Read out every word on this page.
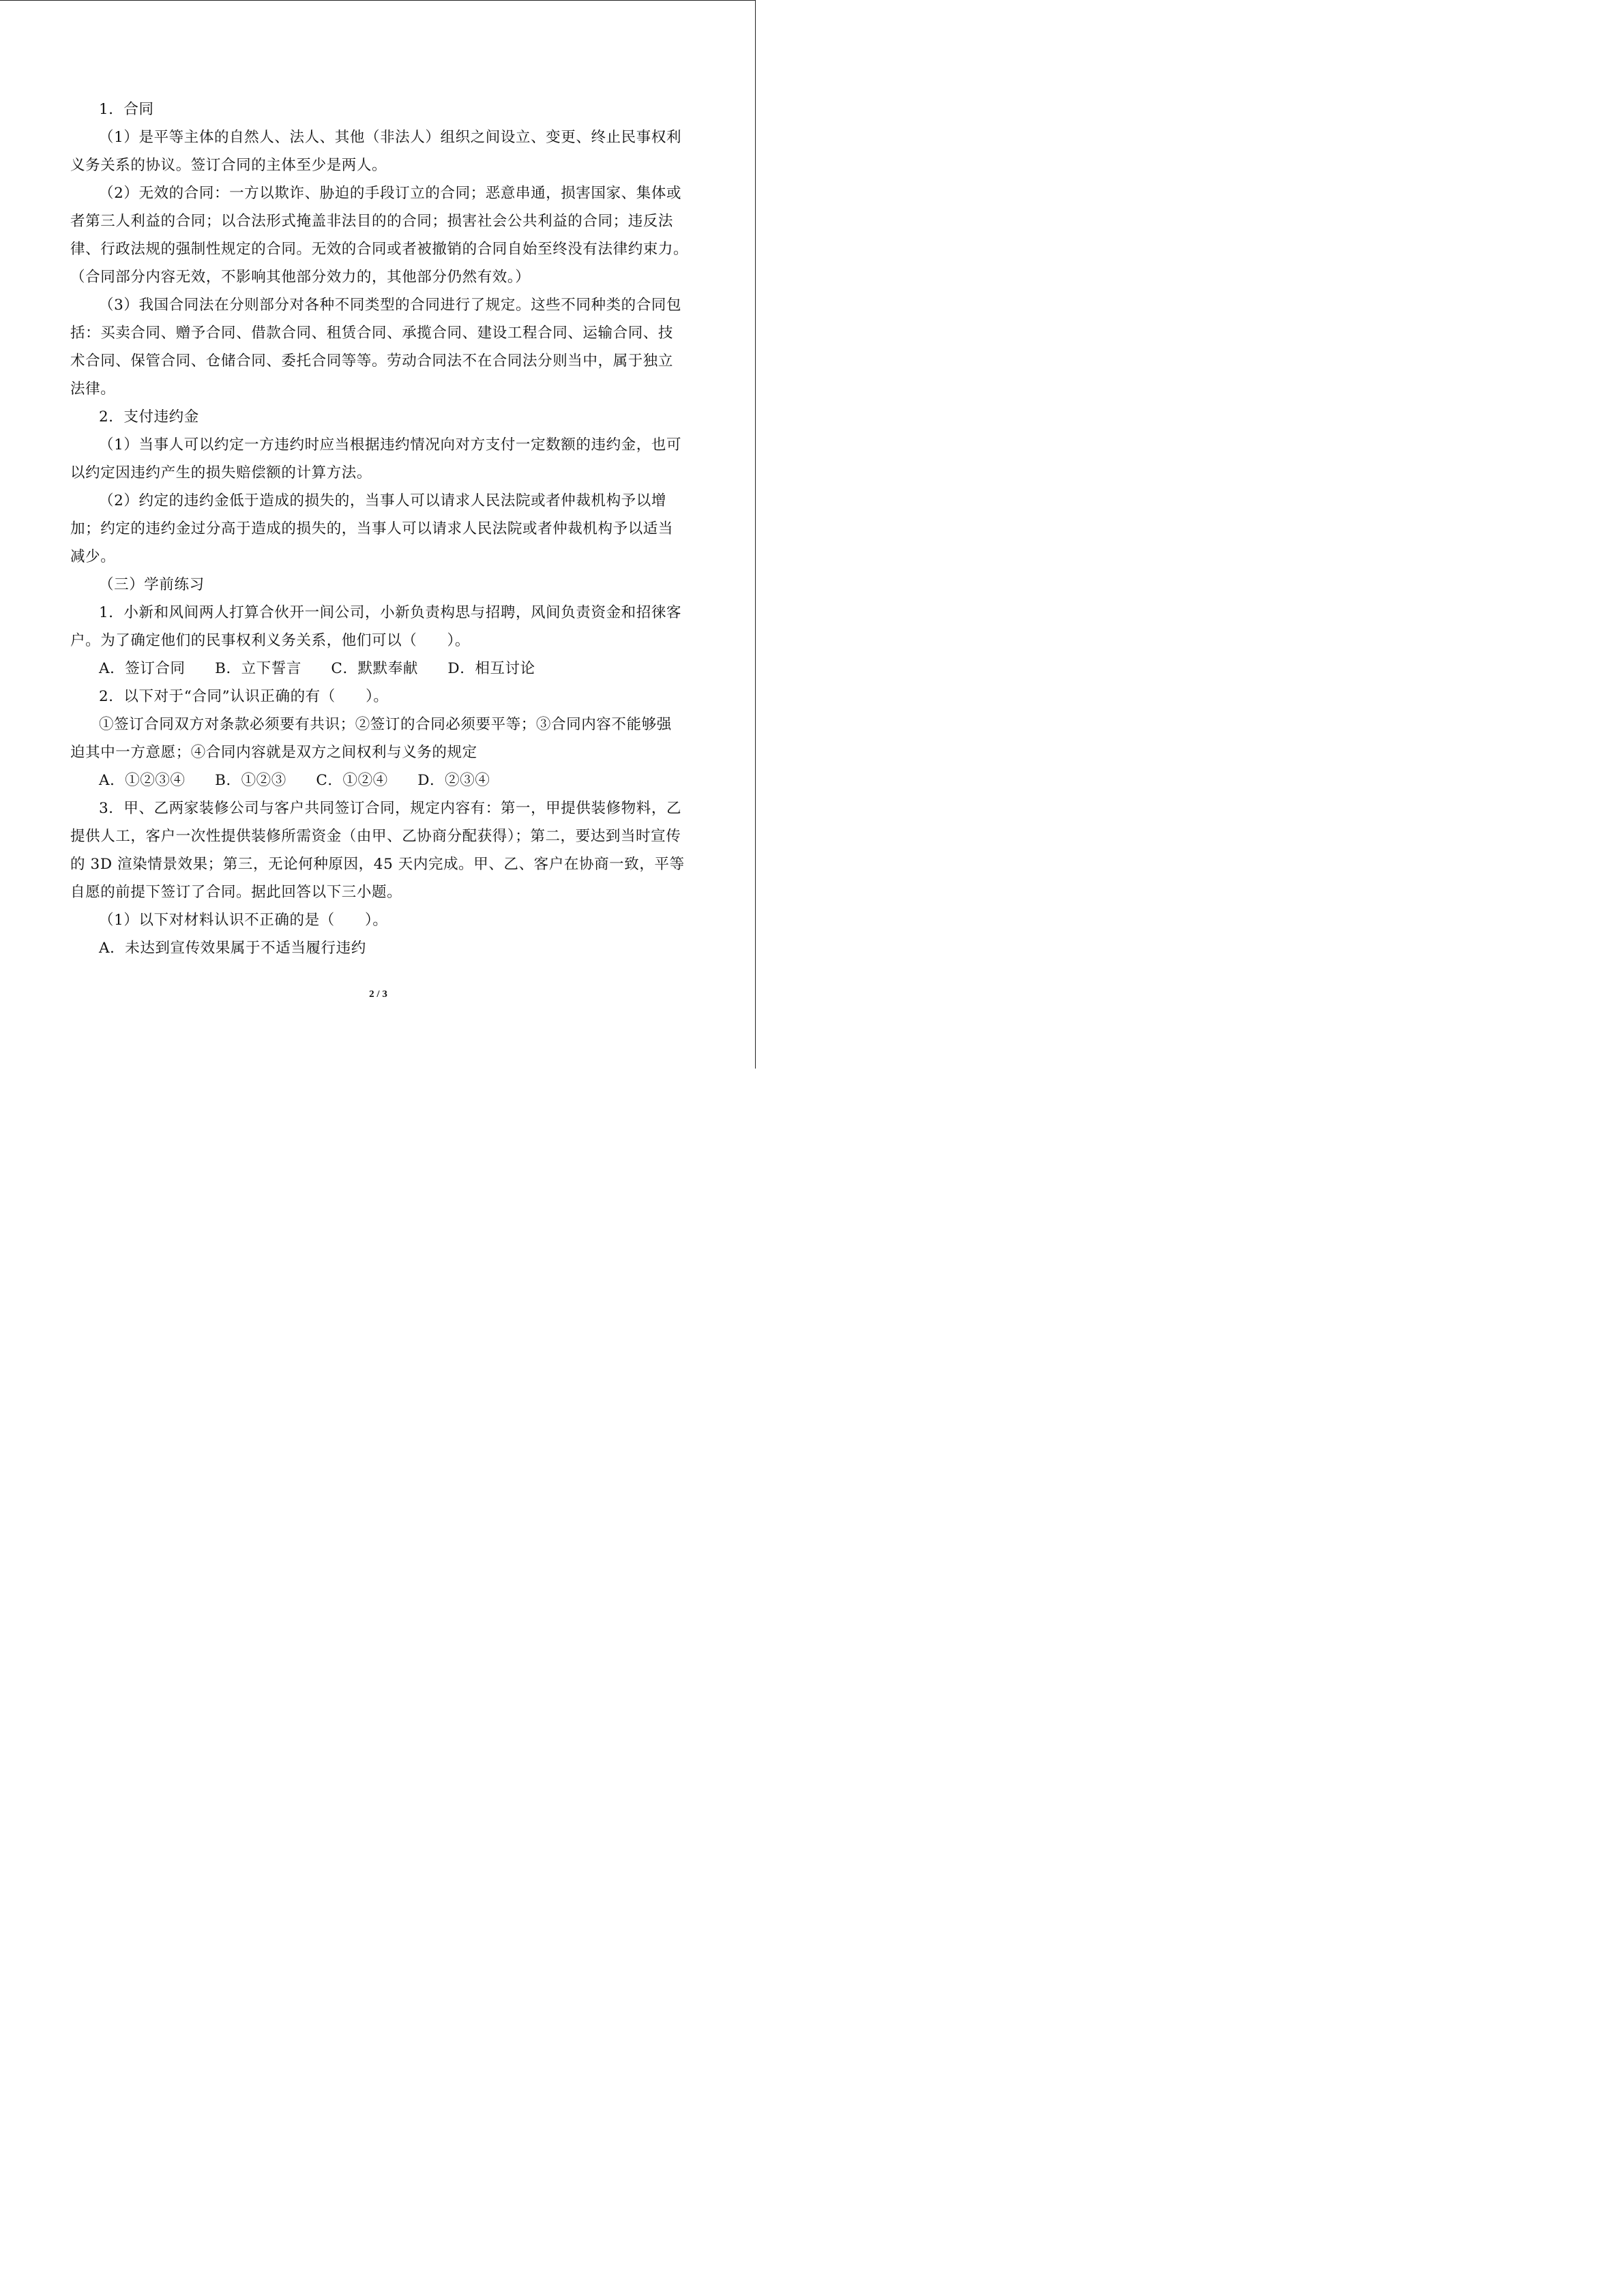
1．合同
（1）是平等主体的自然人、法人、其他（非法人）组织之间设立、变更、终止民事权利
义务关系的协议。签订合同的主体至少是两人。
（2）无效的合同：一方以欺诈、胁迫的手段订立的合同；恶意串通，损害国家、集体或
者第三人利益的合同；以合法形式掩盖非法目的的合同；损害社会公共利益的合同；违反法
律、行政法规的强制性规定的合同。无效的合同或者被撤销的合同自始至终没有法律约束力。
（合同部分内容无效，不影响其他部分效力的，其他部分仍然有效。）
（3）我国合同法在分则部分对各种不同类型的合同进行了规定。这些不同种类的合同包
括：买卖合同、赠予合同、借款合同、租赁合同、承揽合同、建设工程合同、运输合同、技
术合同、保管合同、仓储合同、委托合同等等。劳动合同法不在合同法分则当中，属于独立
法律。
2．支付违约金
（1）当事人可以约定一方违约时应当根据违约情况向对方支付一定数额的违约金，也可
以约定因违约产生的损失赔偿额的计算方法。
（2）约定的违约金低于造成的损失的，当事人可以请求人民法院或者仲裁机构予以增
加；约定的违约金过分高于造成的损失的，当事人可以请求人民法院或者仲裁机构予以适当
减少。
（三）学前练习
1．小新和风间两人打算合伙开一间公司，小新负责构思与招聘，风间负责资金和招徕客
户。为了确定他们的民事权利义务关系，他们可以（　　）。
A．签订合同 B．立下誓言 C．默默奉献 D．相互讨论
2．以下对于“合同”认识正确的有（　　）。
①签订合同双方对条款必须要有共识；②签订的合同必须要平等；③合同内容不能够强
迫其中一方意愿；④合同内容就是双方之间权利与义务的规定
A．①②③④ B．①②③ C．①②④ D．②③④
3．甲、乙两家装修公司与客户共同签订合同，规定内容有：第一，甲提供装修物料，乙
提供人工，客户一次性提供装修所需资金（由甲、乙协商分配获得）；第二，要达到当时宣传
的 3D 渲染情景效果；第三，无论何种原因，45 天内完成。甲、乙、客户在协商一致，平等
自愿的前提下签订了合同。据此回答以下三小题。
（1）以下对材料认识不正确的是（　　）。
A．未达到宣传效果属于不适当履行违约
2 / 3
